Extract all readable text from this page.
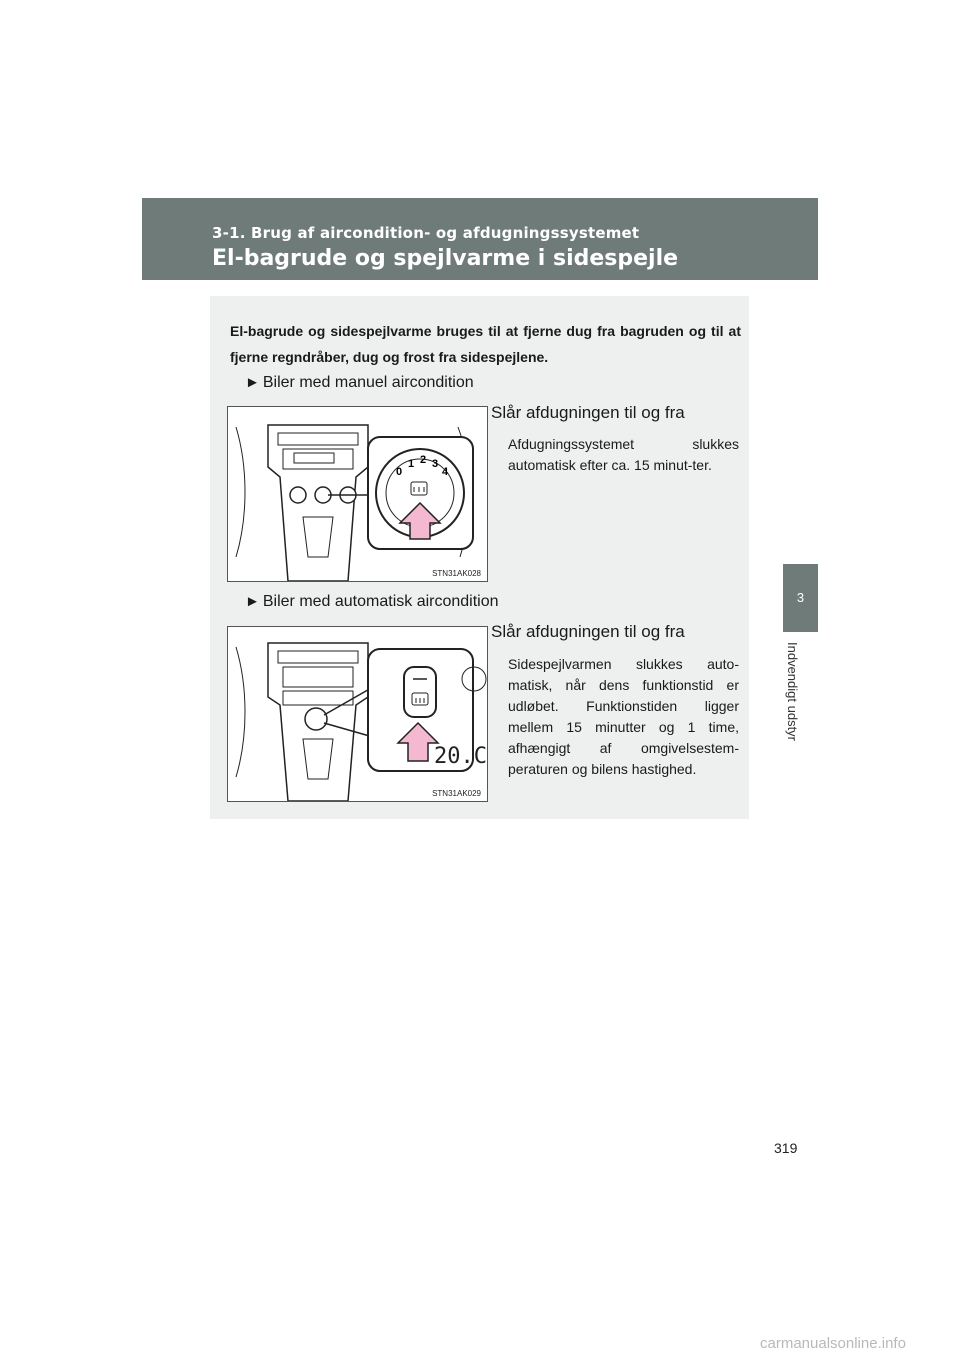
3-1. Brug af aircondition- og afdugningssystemet
El-bagrude og spejlvarme i sidespejle
3
Indvendigt udstyr
El-bagrude og sidespejlvarme bruges til at fjerne dug fra bagruden og til at fjerne regndråber, dug og frost fra sidespejlene.
► Biler med manuel aircondition
0
1 2 3
4
STN31AK028
Slår afdugningen til og fra
Afdugningssystemet slukkes automatisk efter ca. 15 minut-ter.
► Biler med automatisk aircondition
20.C
STN31AK029
Slår afdugningen til og fra
Sidespejlvarmen slukkes auto-matisk, når dens funktionstid er udløbet. Funktionstiden ligger mellem 15 minutter og 1 time, afhængigt af omgivelsestem-peraturen og bilens hastighed.
319
carmanualsonline.info
